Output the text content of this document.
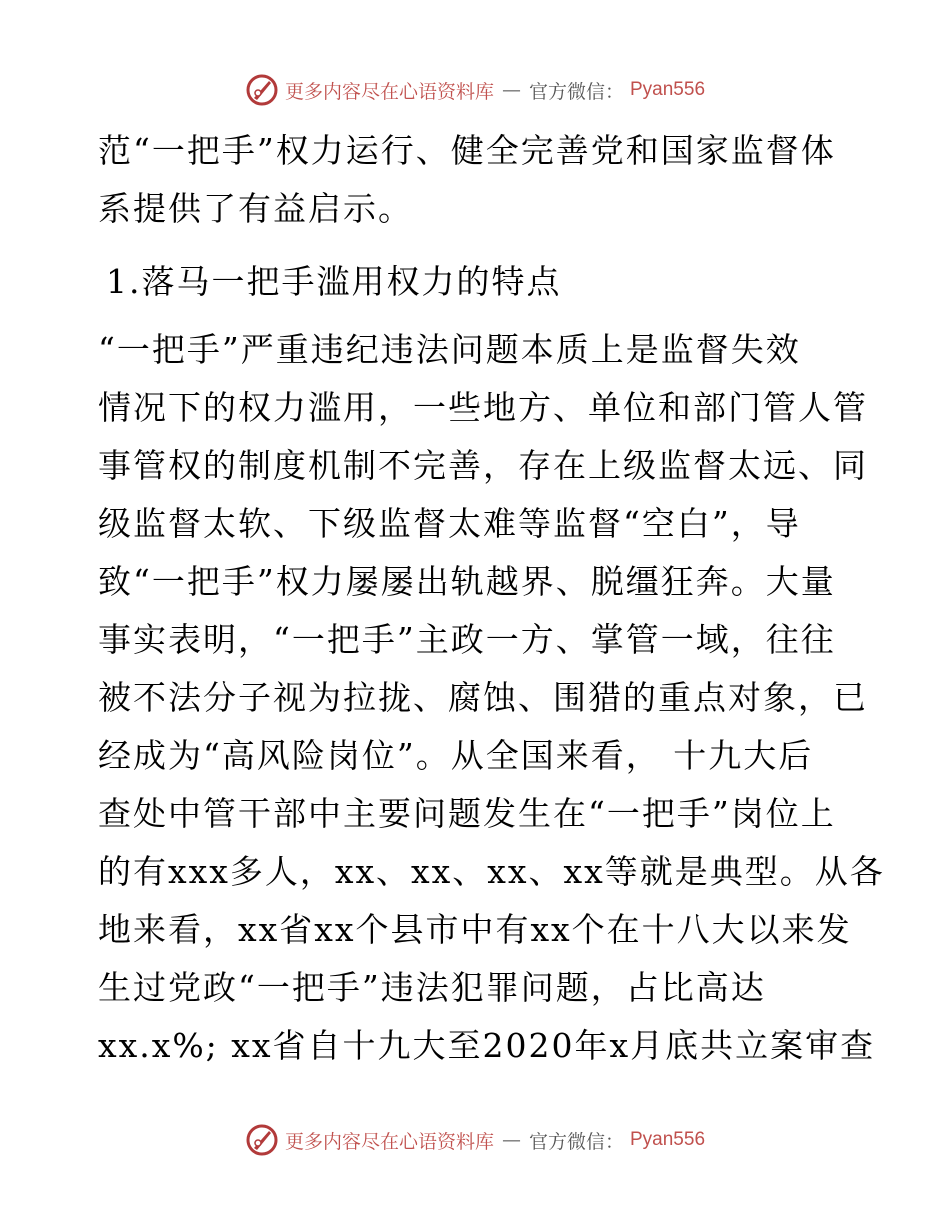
更多内容尽在心语资料库 — 官方微信： Pyan556
范“一把手”权力运行、健全完善党和国家监督体
系提供了有益启示。
1.落马一把手滥用权力的特点
“一把手”严重违纪违法问题本质上是监督失效
情况下的权力滥用，一些地方、单位和部门管人管
事管权的制度机制不完善，存在上级监督太远、同
级监督太软、下级监督太难等监督“空白”，导
致“一把手”权力屡屡出轨越界、脱缰狂奔。大量
事实表明，“一把手”主政一方、掌管一域，往往
被不法分子视为拉拢、腐蚀、围猎的重点对象，已
经成为“高风险岗位”。从全国来看， 十九大后
查处中管干部中主要问题发生在“一把手”岗位上
的有xxx多人，xx、xx、xx、xx等就是典型。从各
地来看，xx省xx个县市中有xx个在十八大以来发
生过党政“一把手”违法犯罪问题，占比高达
xx.x%; xx省自十九大至2020年x月底共立案审查
更多内容尽在心语资料库 — 官方微信： Pyan556
